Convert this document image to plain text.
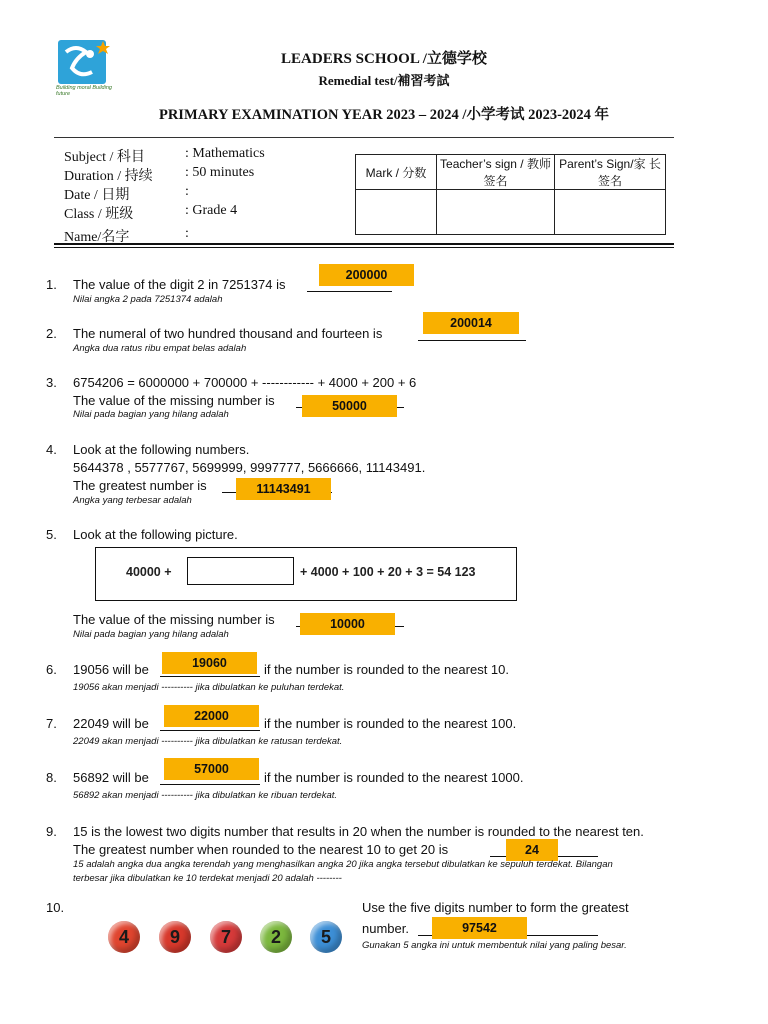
Building moral Building future
LEADERS SCHOOL /立德学校
Remedial test/補習考試
PRIMARY EXAMINATION YEAR 2023 – 2024 /小学考试 2023-2024 年
Subject / 科目	: Mathematics
Duration / 持续 : 50 minutes
Date / 日期	:
Class / 班级	: Grade 4
Name/名字	:
Mark / 分数	Teacher’s sign / 教师签名	Parent’s Sign/家 长签名

1. The value of the digit 2 in 7251374 is
200000
Nilai angka 2 pada 7251374 adalah
2. The numeral of two hundred thousand and fourteen is
200014
Angka dua ratus ribu empat belas adalah
3. 6754206 = 6000000 + 700000 + ------------ + 4000 + 200 + 6
The value of the missing number is	50000
Nilai pada bagian yang hilang adalah
4. Look at the following numbers.
5644378 , 5577767, 5699999, 9997777, 5666666, 11143491.
The greatest number is	11143491
Angka yang terbesar adalah
5. Look at the following picture.
40000 +	+ 4000 + 100 + 20 + 3 = 54 123
The value of the missing number is	10000
Nilai pada bagian yang hilang adalah
6. 19056 will be	19060	if the number is rounded to the nearest 10.
19056 akan menjadi ---------- jika dibulatkan ke puluhan terdekat.
7. 22049 will be	22000	if the number is rounded to the nearest 100.
22049 akan menjadi ---------- jika dibulatkan ke ratusan terdekat.
8. 56892 will be
57000
if the number is rounded to the nearest 1000.
56892 akan menjadi ---------- jika dibulatkan ke ribuan terdekat.
9. 15 is the lowest two digits number that results in 20 when the number is rounded to the nearest ten.
The greatest number when rounded to the nearest 10 to get 20 is	24
15 adalah angka dua angka terendah yang menghasilkan angka 20 jika angka tersebut dibulatkan ke sepuluh terdekat. Bilangan
terbesar jika dibulatkan ke 10 terdekat menjadi 20 adalah --------
10.
4	9	7	2	5
Use the five digits number to form the greatest
number.	97542
Gunakan 5 angka ini untuk membentuk nilai yang paling besar.
